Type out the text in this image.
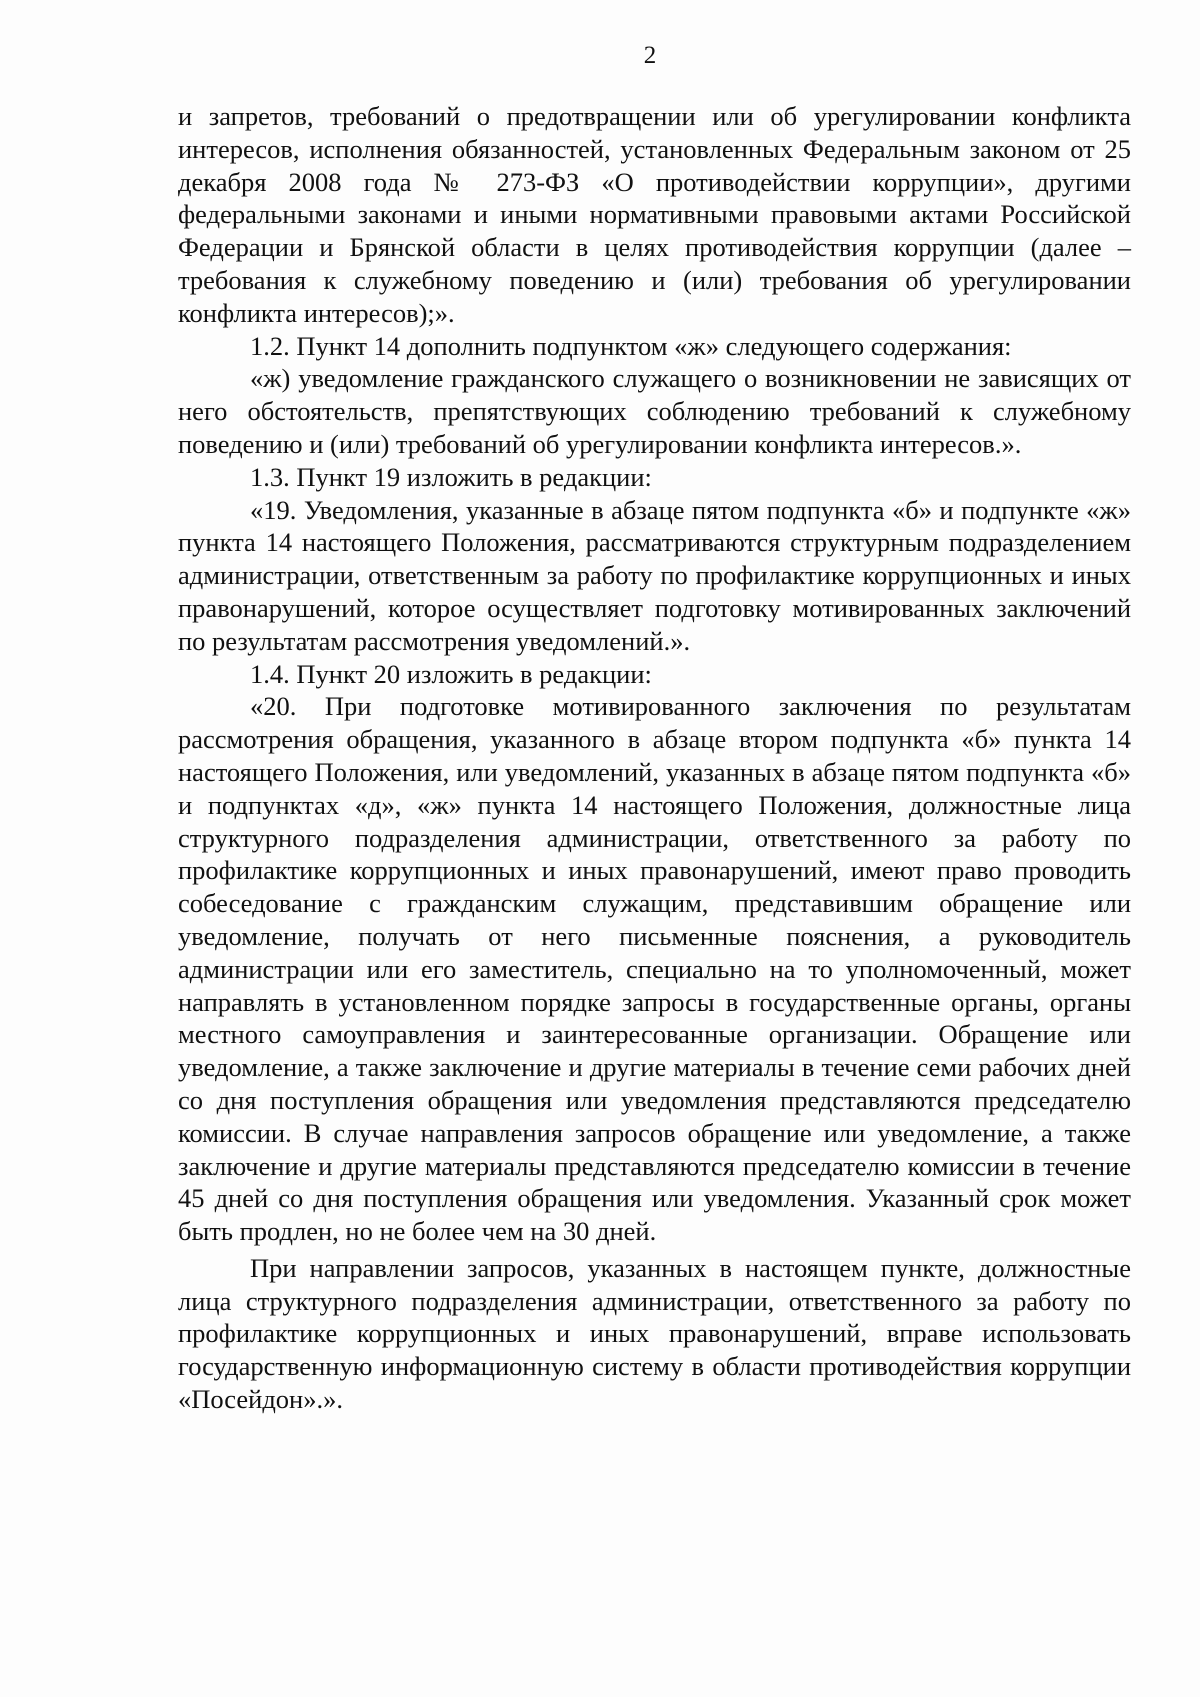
2

и запретов, требований о предотвращении или об урегулировании конфликта интересов, исполнения обязанностей, установленных Федеральным законом от 25 декабря 2008 года № 273-ФЗ «О противодействии коррупции», другими федеральными законами и иными нормативными правовыми актами Российской Федерации и Брянской области в целях противодействия коррупции (далее – требования к служебному поведению и (или) требования об урегулировании конфликта интересов);».

1.2. Пункт 14 дополнить подпунктом «ж» следующего содержания:

«ж) уведомление гражданского служащего о возникновении не зависящих от него обстоятельств, препятствующих соблюдению требований к служебному поведению и (или) требований об урегулировании конфликта интересов.».

1.3. Пункт 19 изложить в редакции:

«19. Уведомления, указанные в абзаце пятом подпункта «б» и подпункте «ж» пункта 14 настоящего Положения, рассматриваются структурным подразделением администрации, ответственным за работу по профилактике коррупционных и иных правонарушений, которое осуществляет подготовку мотивированных заключений по результатам рассмотрения уведомлений.».

1.4. Пункт 20 изложить в редакции:

«20. При подготовке мотивированного заключения по результатам рассмотрения обращения, указанного в абзаце втором подпункта «б» пункта 14 настоящего Положения, или уведомлений, указанных в абзаце пятом подпункта «б» и подпунктах «д», «ж» пункта 14 настоящего Положения, должностные лица структурного подразделения администрации, ответственного за работу по профилактике коррупционных и иных правонарушений, имеют право проводить собеседование с гражданским служащим, представившим обращение или уведомление, получать от него письменные пояснения, а руководитель администрации или его заместитель, специально на то уполномоченный, может направлять в установленном порядке запросы в государственные органы, органы местного самоуправления и заинтересованные организации. Обращение или уведомление, а также заключение и другие материалы в течение семи рабочих дней со дня поступления обращения или уведомления представляются председателю комиссии. В случае направления запросов обращение или уведомление, а также заключение и другие материалы представляются председателю комиссии в течение 45 дней со дня поступления обращения или уведомления. Указанный срок может быть продлен, но не более чем на 30 дней.

При направлении запросов, указанных в настоящем пункте, должностные лица структурного подразделения администрации, ответственного за работу по профилактике коррупционных и иных правонарушений, вправе использовать государственную информационную систему в области противодействия коррупции «Посейдон».».
